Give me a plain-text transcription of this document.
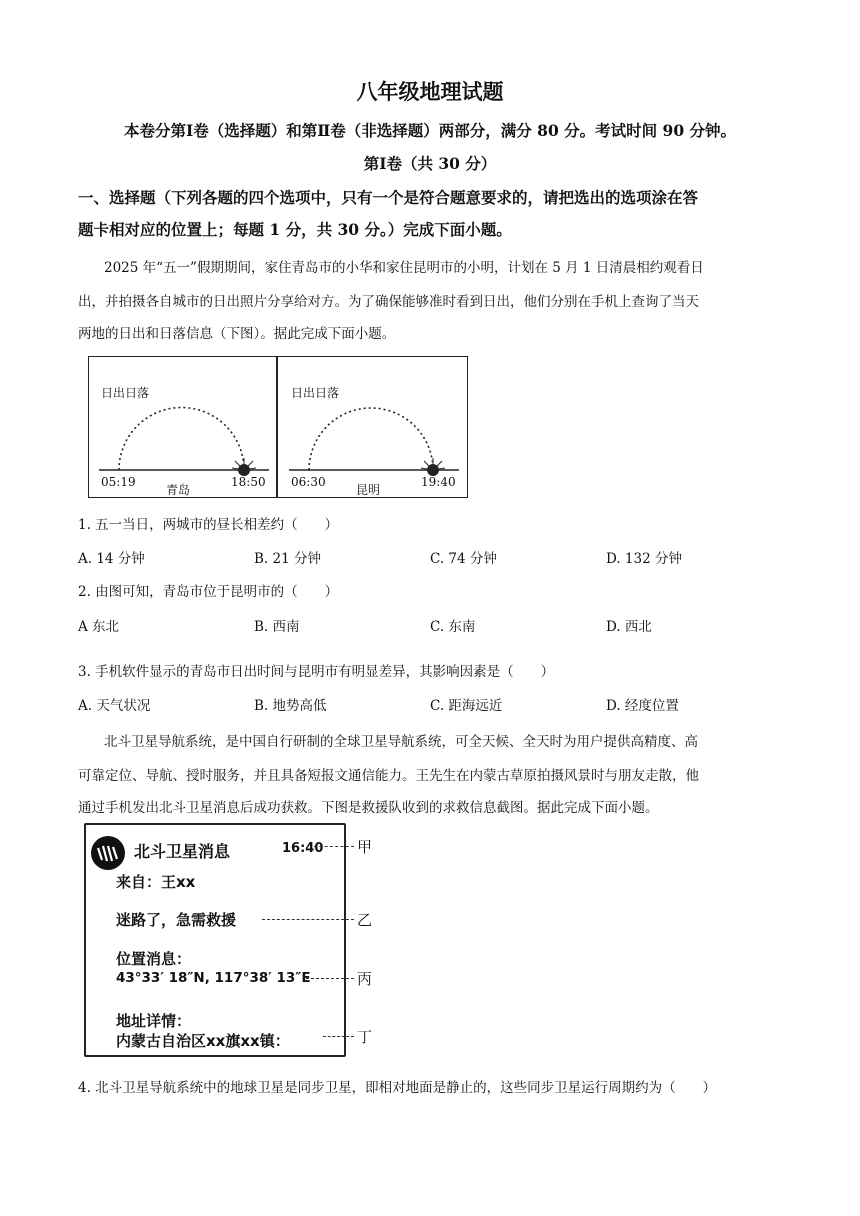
八年级地理试题
本卷分第Ⅰ卷（选择题）和第Ⅱ卷（非选择题）两部分，满分 80 分。考试时间 90 分钟。
第Ⅰ卷（共 30 分）
一、选择题（下列各题的四个选项中，只有一个是符合题意要求的，请把选出的选项涂在答
题卡相对应的位置上；每题 1 分，共 30 分。）完成下面小题。
2025 年“五一”假期期间，家住青岛市的小华和家住昆明市的小明，计划在 5 月 1 日清晨相约观看日
出，并拍摄各自城市的日出照片分享给对方。为了确保能够准时看到日出，他们分别在手机上查询了当天
两地的日出和日落信息（下图）。据此完成下面小题。
日出日落
05:19	18:50
青岛
日出日落
06:30	19:40
昆明
1. 五一当日，两城市的昼长相差约（　　）
A. 14 分钟	B. 21 分钟	C. 74 分钟	D. 132 分钟
2. 由图可知，青岛市位于昆明市的（　　）
A 东北	B. 西南	C. 东南	D. 西北
3. 手机软件显示的青岛市日出时间与昆明市有明显差异，其影响因素是（　　）
A. 天气状况	B. 地势高低	C. 距海远近	D. 经度位置
北斗卫星导航系统，是中国自行研制的全球卫星导航系统，可全天候、全天时为用户提供高精度、高
可靠定位、导航、授时服务，并且具备短报文通信能力。王先生在内蒙古草原拍摄风景时与朋友走散，他
通过手机发出北斗卫星消息后成功获救。下图是救援队收到的求救信息截图。据此完成下面小题。
北斗卫星消息	16:40
来自：王xx
迷路了，急需救援
位置消息：
43°33′ 18″N, 117°38′ 13″E
地址详情：
内蒙古自治区xx旗xx镇：
甲
乙
丙
丁
4. 北斗卫星导航系统中的地球卫星是同步卫星，即相对地面是静止的，这些同步卫星运行周期约为（　　）
